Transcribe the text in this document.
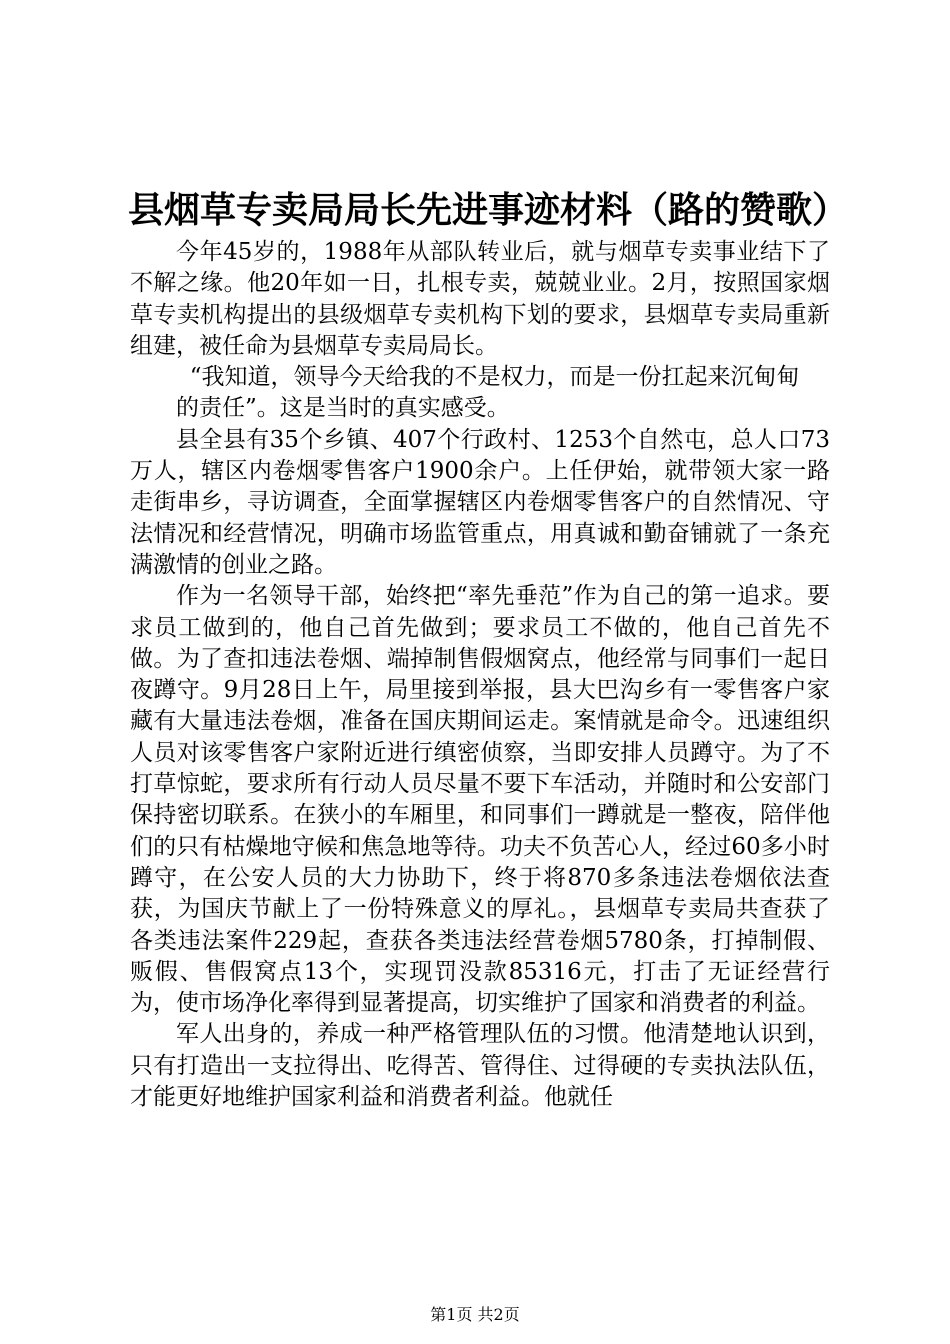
县烟草专卖局局长先进事迹材料（路的赞歌）

今年45岁的，1988年从部队转业后，就与烟草专卖事业结下了不解之缘。他20年如一日，扎根专卖，兢兢业业。2月，按照国家烟草专卖机构提出的县级烟草专卖机构下划的要求，县烟草专卖局重新组建，被任命为县烟草专卖局局长。

“我知道，领导今天给我的不是权力，而是一份扛起来沉甸甸

的责任”。这是当时的真实感受。

县全县有35个乡镇、407个行政村、1253个自然屯，总人口73万人，辖区内卷烟零售客户1900余户。上任伊始，就带领大家一路走街串乡，寻访调查，全面掌握辖区内卷烟零售客户的自然情况、守法情况和经营情况，明确市场监管重点，用真诚和勤奋铺就了一条充满激情的创业之路。

作为一名领导干部，始终把“率先垂范”作为自己的第一追求。要求员工做到的，他自己首先做到；要求员工不做的，他自己首先不做。为了查扣违法卷烟、端掉制售假烟窝点，他经常与同事们一起日夜蹲守。9月28日上午，局里接到举报，县大巴沟乡有一零售客户家藏有大量违法卷烟，准备在国庆期间运走。案情就是命令。迅速组织人员对该零售客户家附近进行缜密侦察，当即安排人员蹲守。为了不打草惊蛇，要求所有行动人员尽量不要下车活动，并随时和公安部门保持密切联系。在狭小的车厢里，和同事们一蹲就是一整夜，陪伴他们的只有枯燥地守候和焦急地等待。功夫不负苦心人，经过60多小时蹲守，在公安人员的大力协助下，终于将870多条违法卷烟依法查获，为国庆节献上了一份特殊意义的厚礼。，县烟草专卖局共查获了各类违法案件229起，查获各类违法经营卷烟5780条，打掉制假、贩假、售假窝点13个，实现罚没款85316元，打击了无证经营行为，使市场净化率得到显著提高，切实维护了国家和消费者的利益。

军人出身的，养成一种严格管理队伍的习惯。他清楚地认识到，只有打造出一支拉得出、吃得苦、管得住、过得硬的专卖执法队伍，才能更好地维护国家利益和消费者利益。他就任

第1页 共2页
